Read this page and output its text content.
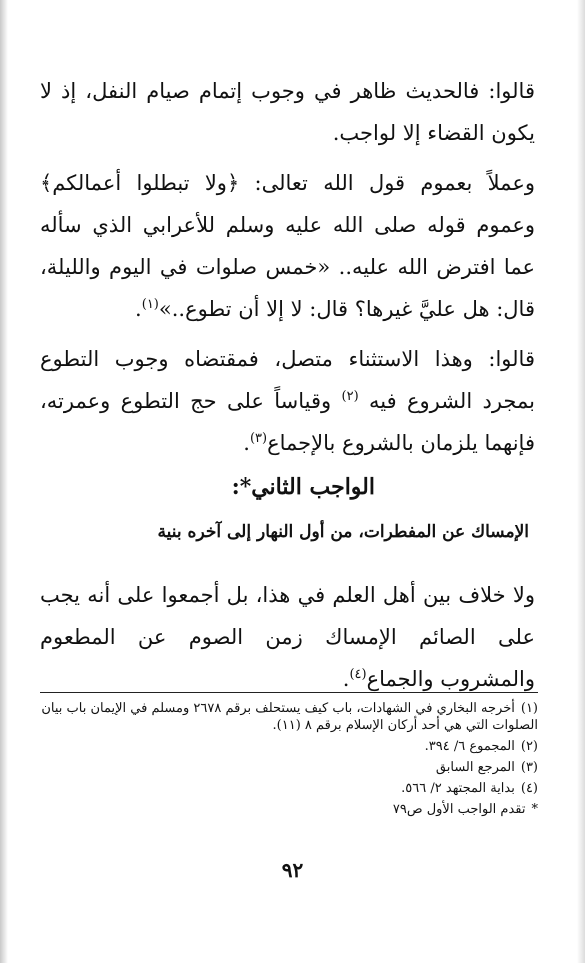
قالوا: فالحديث ظاهر في وجوب إتمام صيام النفل، إذ لا يكون القضاء إلا لواجب.

وعملاً بعموم قول الله تعالى: ﴿ولا تبطلوا أعمالكم﴾ وعموم قوله صلى الله عليه وسلم للأعرابي الذي سأله عما افترض الله عليه.. «خمس صلوات في اليوم والليلة، قال: هل عليَّ غيرها؟ قال: لا إلا أن تطوع..»$^{(١)}$.

قالوا: وهذا الاستثناء متصل، فمقتضاه وجوب التطوع بمجرد الشروع فيه $^{(٢)}$ وقياساً على حج التطوع وعمرته، فإنهما يلزمان بالشروع بالإجماع$^{(٣)}$.

الواجب الثاني*:
الإمساك عن المفطرات، من أول النهار إلى آخره بنية

ولا خلاف بين أهل العلم في هذا، بل أجمعوا على أنه يجب على الصائم الإمساك زمن الصوم عن المطعوم والمشروب والجماع$^{(٤)}$.

(١)أخرجه البخاري في الشهادات، باب كيف يستحلف برقم ٢٦٧٨ ومسلم في الإيمان باب بيان الصلوات التي هي أحد أركان الإسلام برقم ٨ (١١).

(٢)المجموع ٦/ ٣٩٤.

(٣)المرجع السابق

(٤)بداية المجتهد ٢/ ٥٦٦.

*تقدم الواجب الأول ص٧٩

٩٢
